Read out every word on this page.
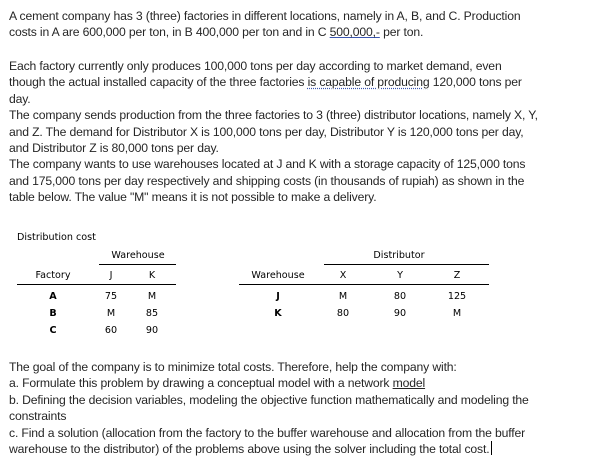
A cement company has 3 (three) factories in different locations, namely in A, B, and C. Production
costs in A are 600,000 per ton, in B 400,000 per ton and in C 500,000,- per ton.
Each factory currently only produces 100,000 tons per day according to market demand, even
though the actual installed capacity of the three factories is capable of producing 120,000 tons per
day.
The company sends production from the three factories to 3 (three) distributor locations, namely X, Y,
and Z. The demand for Distributor X is 100,000 tons per day, Distributor Y is 120,000 tons per day,
and Distributor Z is 80,000 tons per day.
The company wants to use warehouses located at J and K with a storage capacity of 125,000 tons
and 175,000 tons per day respectively and shipping costs (in thousands of rupiah) as shown in the
table below. The value "M" means it is not possible to make a delivery.
Distribution cost
Warehouse
Factory	J	K
A	75	M
B	M	85
C	60	90
Distributor
Warehouse	X	Y	Z
J	M	80	125
K	80	90	M
The goal of the company is to minimize total costs. Therefore, help the company with:
a. Formulate this problem by drawing a conceptual model with a network model
b. Defining the decision variables, modeling the objective function mathematically and modeling the
constraints
c. Find a solution (allocation from the factory to the buffer warehouse and allocation from the buffer
warehouse to the distributor) of the problems above using the solver including the total cost.
